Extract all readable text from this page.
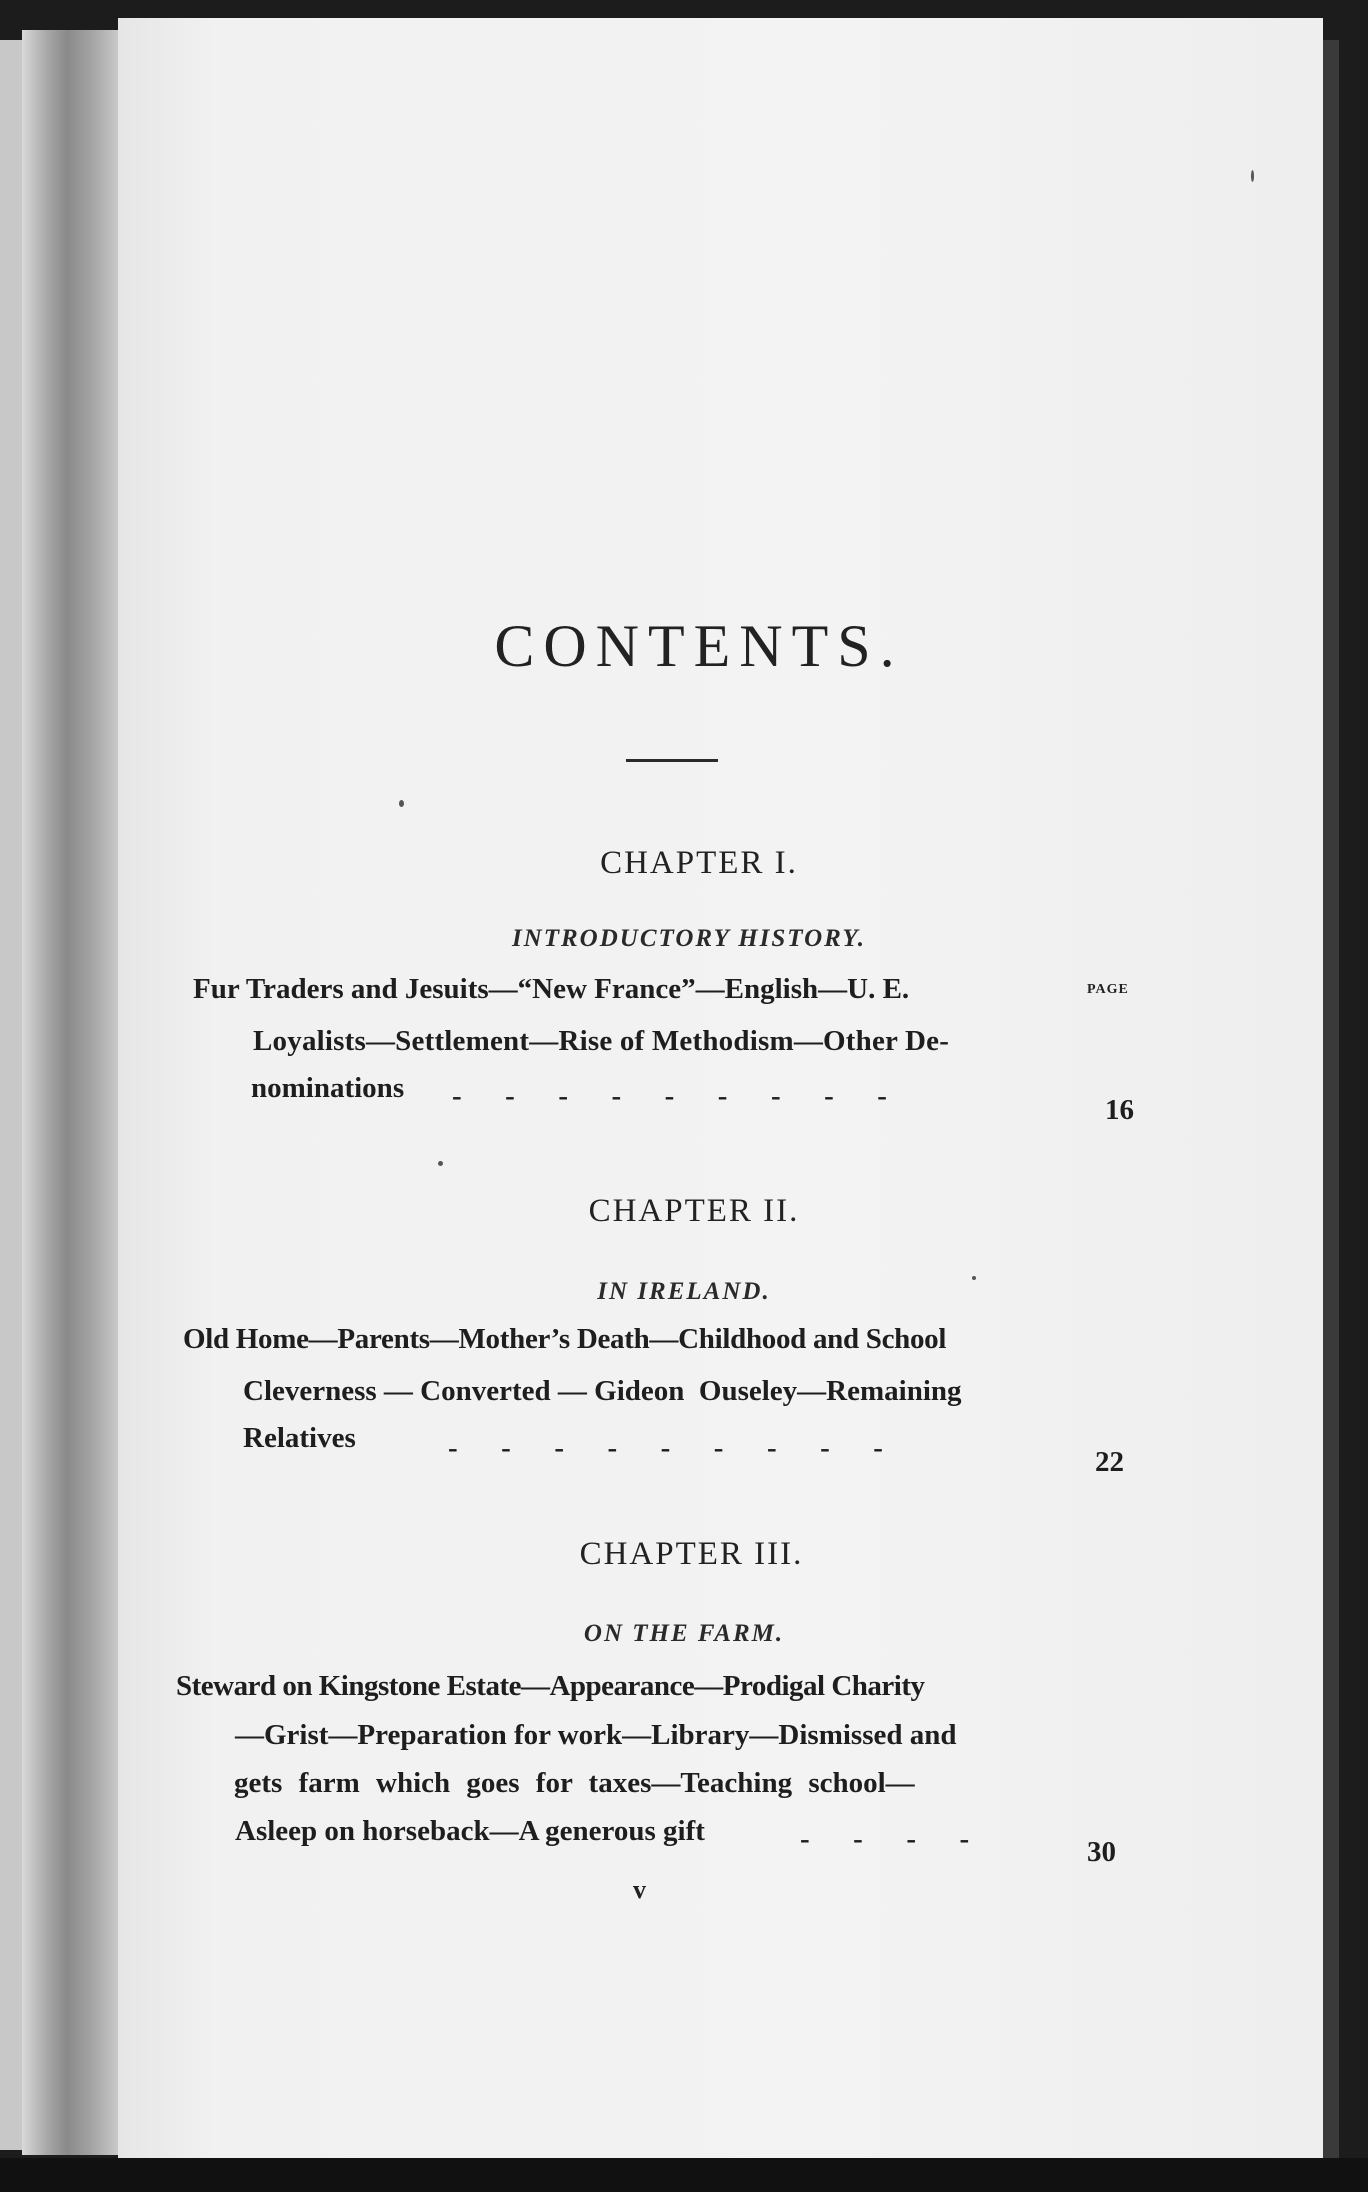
CONTENTS.
PAGE
CHAPTER I.
INTRODUCTORY HISTORY.
Fur Traders and Jesuits—“New France”—English—U. E.
Loyalists—Settlement—Rise of Methodism—Other De-
nominations -      -      -      -      -      -      -      -      -	16
CHAPTER II.
IN IRELAND.
Old Home—Parents—Mother’s Death—Childhood and School
Cleverness — Converted — Gideon  Ouseley—Remaining
Relatives	-      -      -      -      -      -      -      -      -	22
CHAPTER III.
ON THE FARM.
Steward on Kingstone Estate—Appearance—Prodigal Charity
—Grist—Preparation for work—Library—Dismissed and
gets farm which goes for taxes—Teaching school—
Asleep on horseback—A generous gift	-      -      -      -	30
v
